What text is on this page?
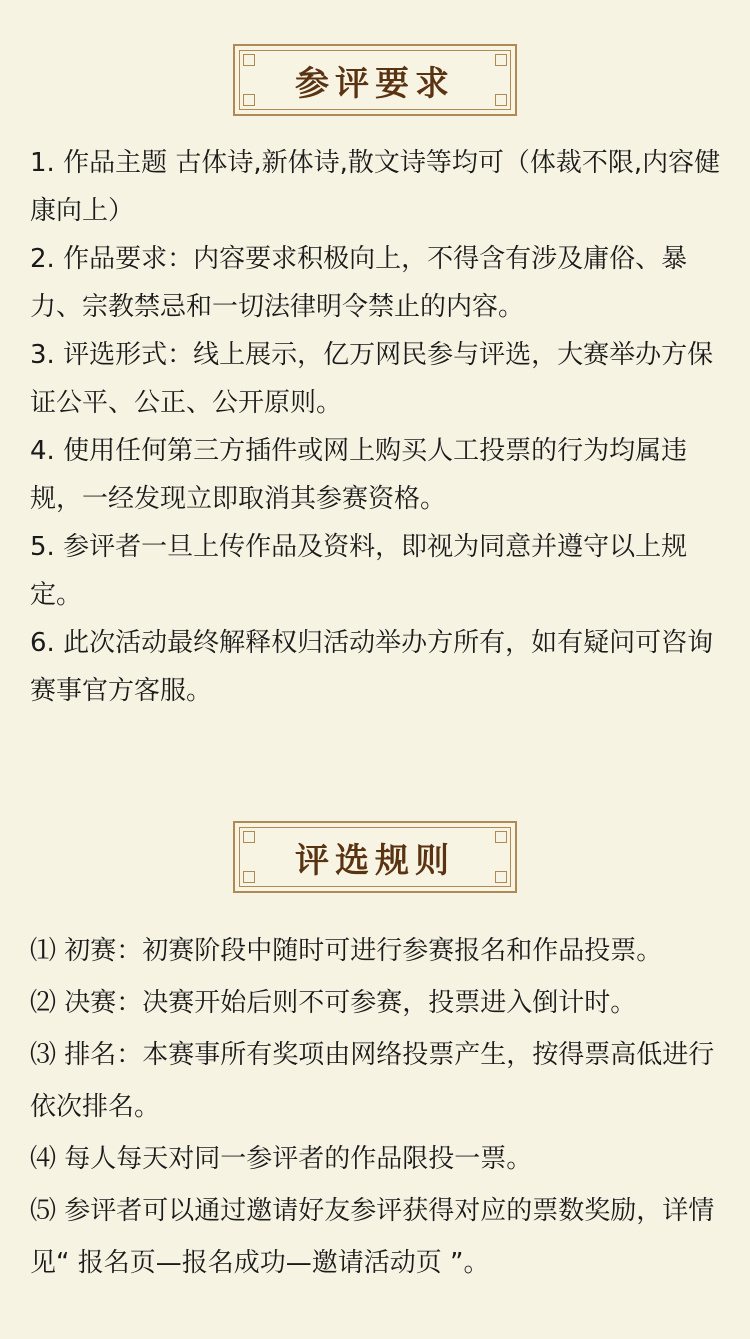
参评要求

1. 作品主题 古体诗,新体诗,散文诗等均可（体裁不限,内容健康向上）

2. 作品要求：内容要求积极向上，不得含有涉及庸俗、暴力、宗教禁忌和一切法律明令禁止的内容。

3. 评选形式：线上展示，亿万网民参与评选，大赛举办方保证公平、公正、公开原则。

4. 使用任何第三方插件或网上购买人工投票的行为均属违规，一经发现立即取消其参赛资格。

5. 参评者一旦上传作品及资料，即视为同意并遵守以上规定。

6. 此次活动最终解释权归活动举办方所有，如有疑问可咨询赛事官方客服。

评选规则

⑴ 初赛：初赛阶段中随时可进行参赛报名和作品投票。

⑵ 决赛：决赛开始后则不可参赛，投票进入倒计时。

⑶ 排名：本赛事所有奖项由网络投票产生，按得票高低进行依次排名。

⑷ 每人每天对同一参评者的作品限投一票。

⑸ 参评者可以通过邀请好友参评获得对应的票数奖励，详情见“ 报名页—报名成功—邀请活动页 ”。
